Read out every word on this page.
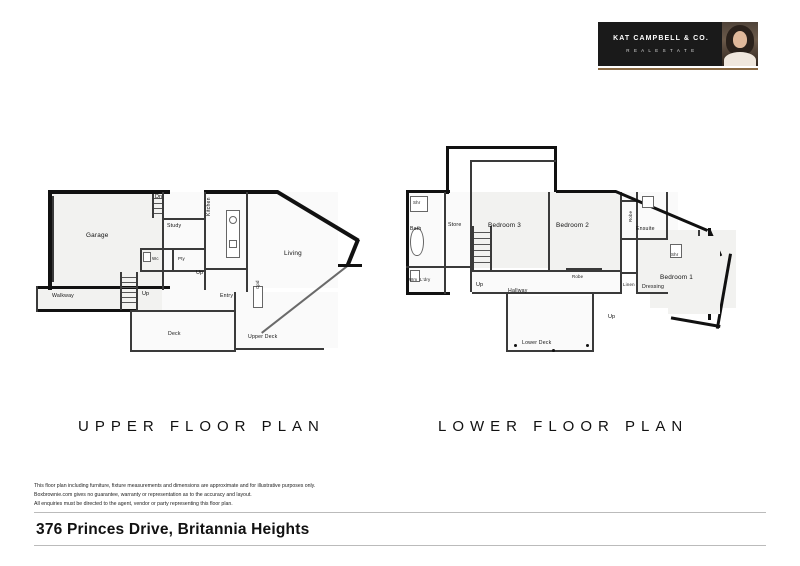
KAT CAMPBELL & CO.
R E A L E S T A T E
Garage
Study
Kitchen
Living
Wc	Pty
Walkway	Entry
Deck	Upper Deck
Cpd
Dn
Up
Up
Shr
Bath
Store	Bedroom 3	Bedroom 2	Ensuite
Bedroom 1
Robe
Shr
Linen Dressing
Robe
Hallway
L'dry
Wm
Lower Deck
Up
Up
UPPER FLOOR PLAN	LOWER FLOOR PLAN
This floor plan including furniture, fixture measurements and dimensions are approximate and for illustrative purposes only.
Boxbrownie.com gives no guarantee, warranty or representation as to the accuracy and layout.
All enquiries must be directed to the agent, vendor or party representing this floor plan.
376 Princes Drive, Britannia Heights
